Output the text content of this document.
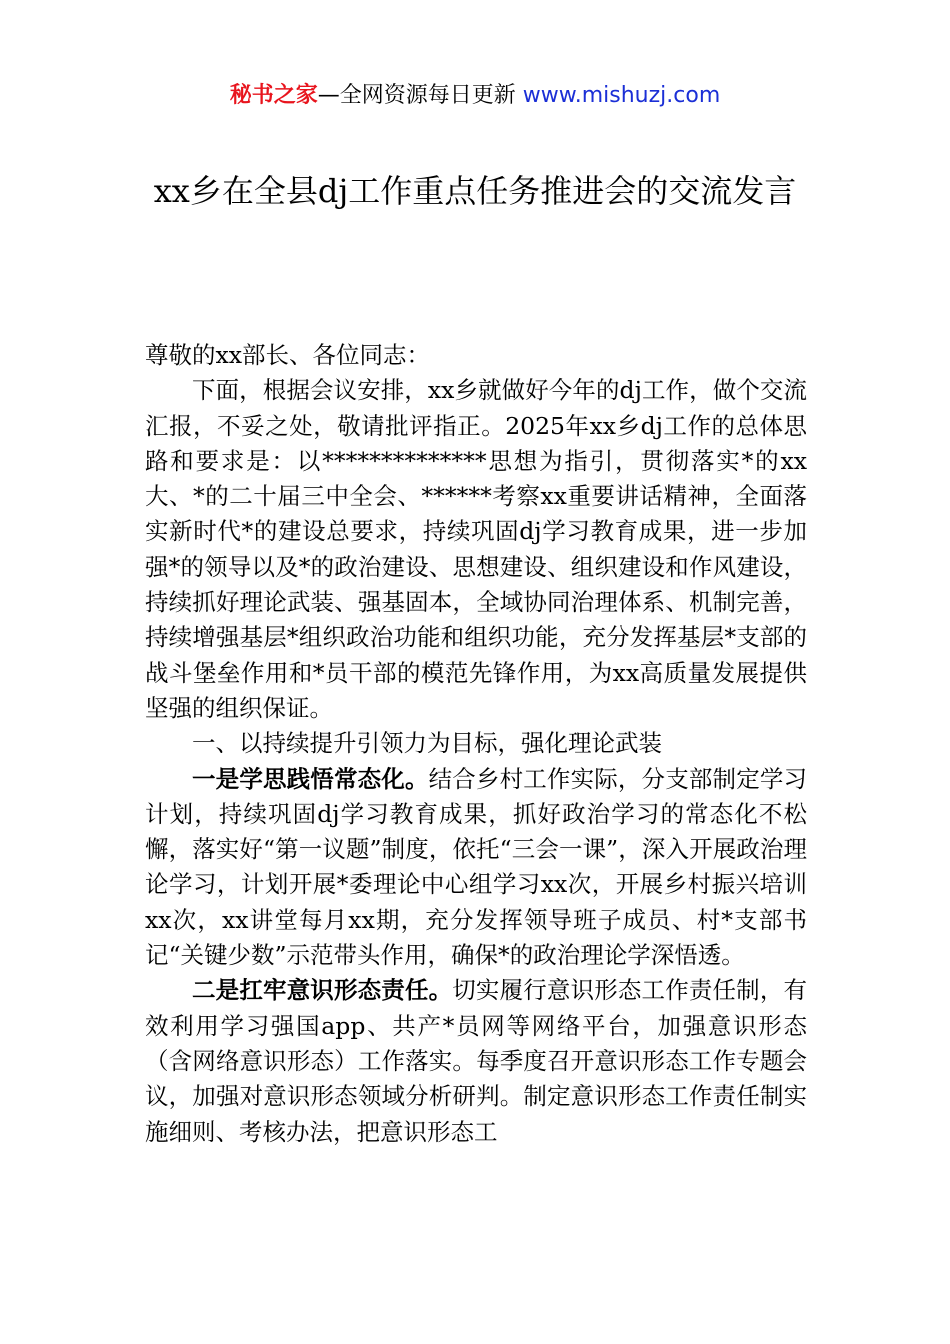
秘书之家—全网资源每日更新 www.mishuzj.com
xx乡在全县dj工作重点任务推进会的交流发言

尊敬的xx部长、各位同志：

下面，根据会议安排，xx乡就做好今年的dj工作，做个交流汇报，不妥之处，敬请批评指正。2025年xx乡dj工作的总体思路和要求是：以**************思想为指引，贯彻落实*的xx大、*的二十届三中全会、******考察xx重要讲话精神，全面落实新时代*的建设总要求，持续巩固dj学习教育成果，进一步加强*的领导以及*的政治建设、思想建设、组织建设和作风建设，持续抓好理论武装、强基固本，全域协同治理体系、机制完善，持续增强基层*组织政治功能和组织功能，充分发挥基层*支部的战斗堡垒作用和*员干部的模范先锋作用，为xx高质量发展提供坚强的组织保证。

一、以持续提升引领力为目标，强化理论武装

一是学思践悟常态化。结合乡村工作实际，分支部制定学习计划，持续巩固dj学习教育成果，抓好政治学习的常态化不松懈，落实好“第一议题”制度，依托“三会一课”，深入开展政治理论学习，计划开展*委理论中心组学习xx次，开展乡村振兴培训xx次，xx讲堂每月xx期，充分发挥领导班子成员、村*支部书记“关键少数”示范带头作用，确保*的政治理论学深悟透。

二是扛牢意识形态责任。切实履行意识形态工作责任制，有效利用学习强国app、共产*员网等网络平台，加强意识形态（含网络意识形态）工作落实。每季度召开意识形态工作专题会议，加强对意识形态领域分析研判。制定意识形态工作责任制实施细则、考核办法，把意识形态工
